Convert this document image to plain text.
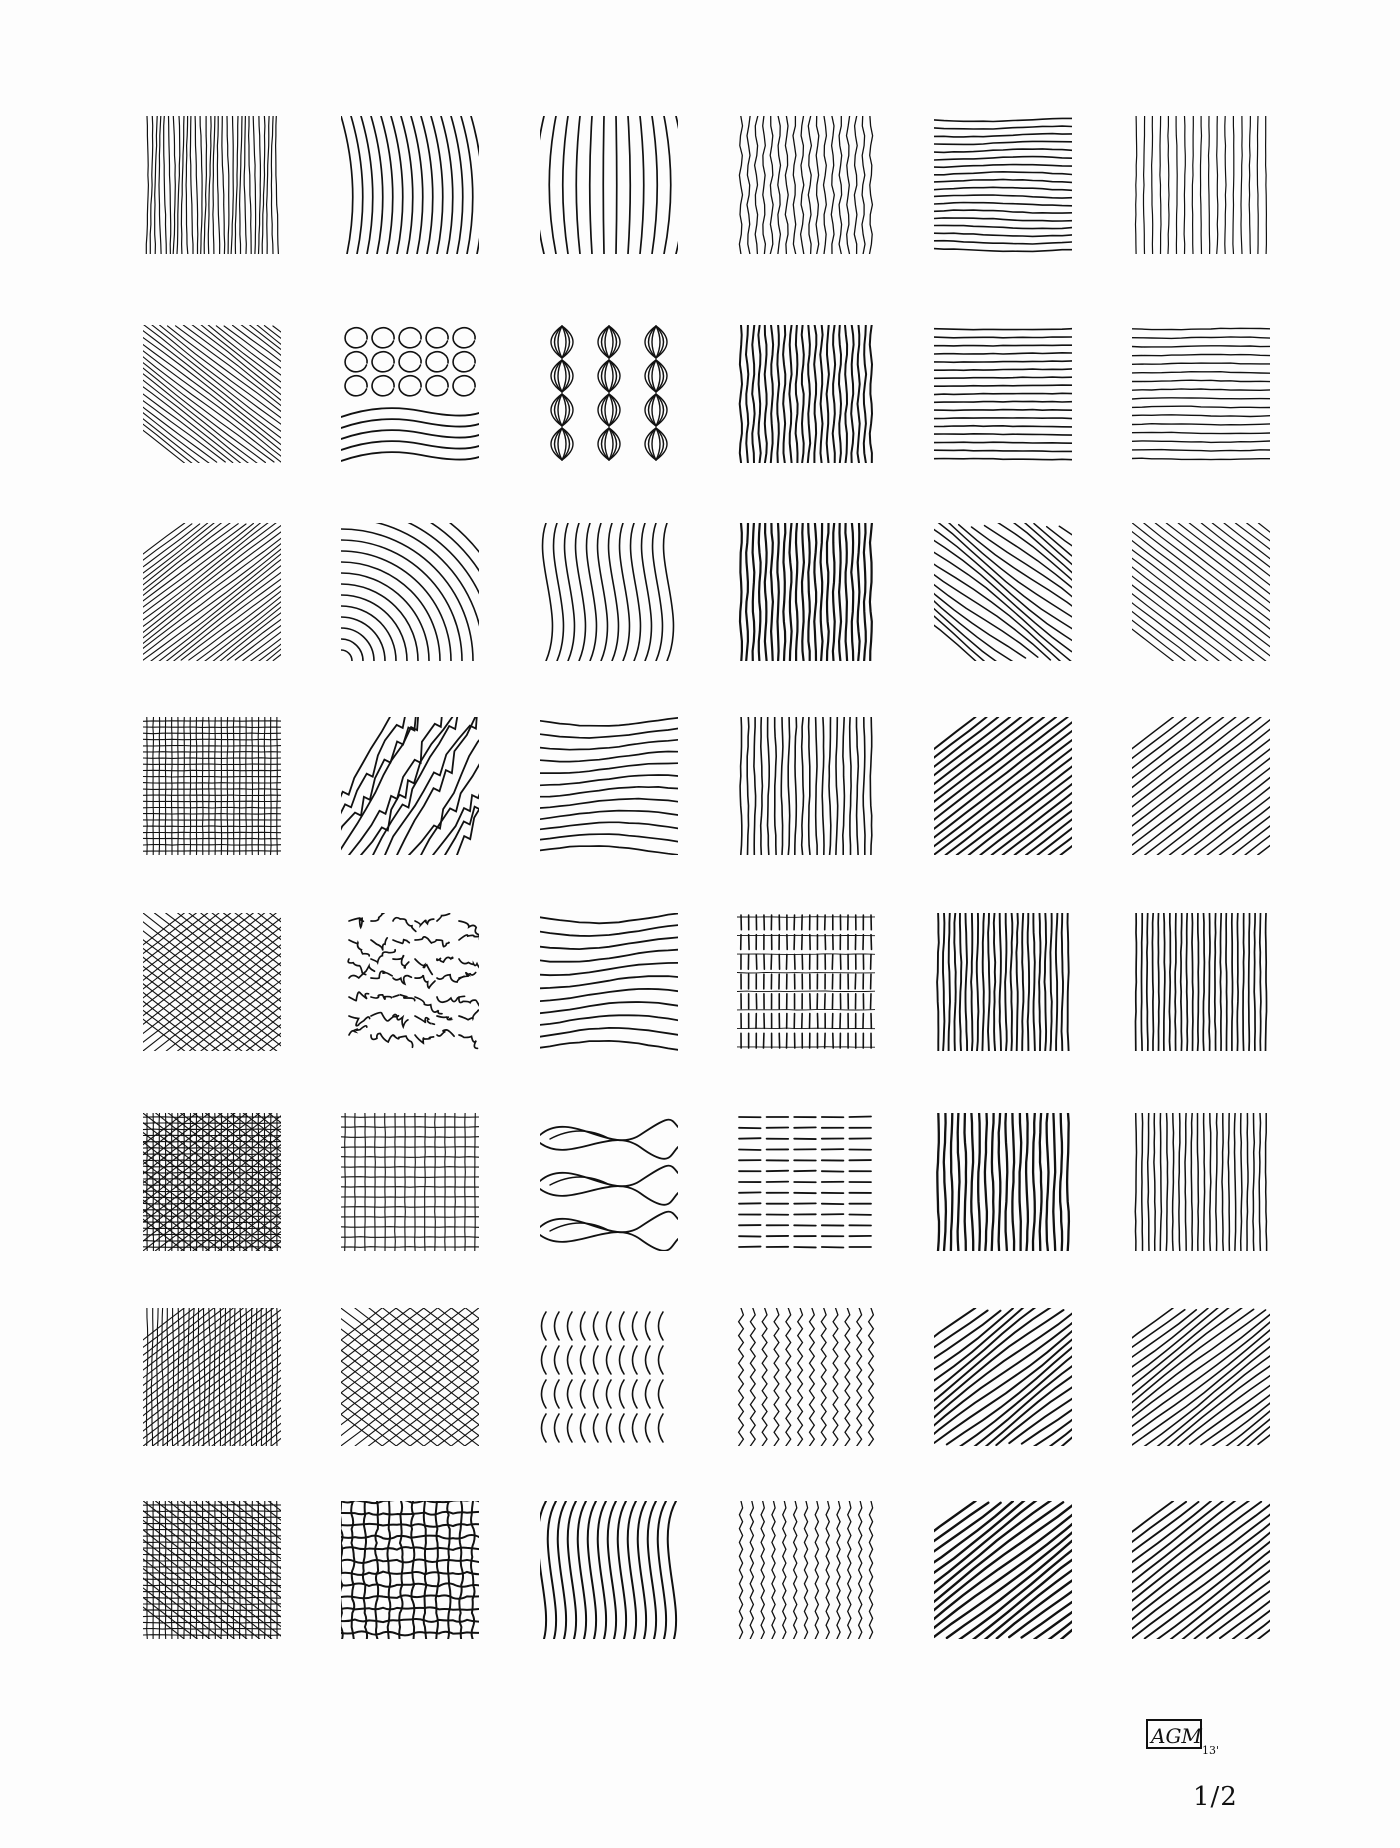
AGM
13'
1/2
